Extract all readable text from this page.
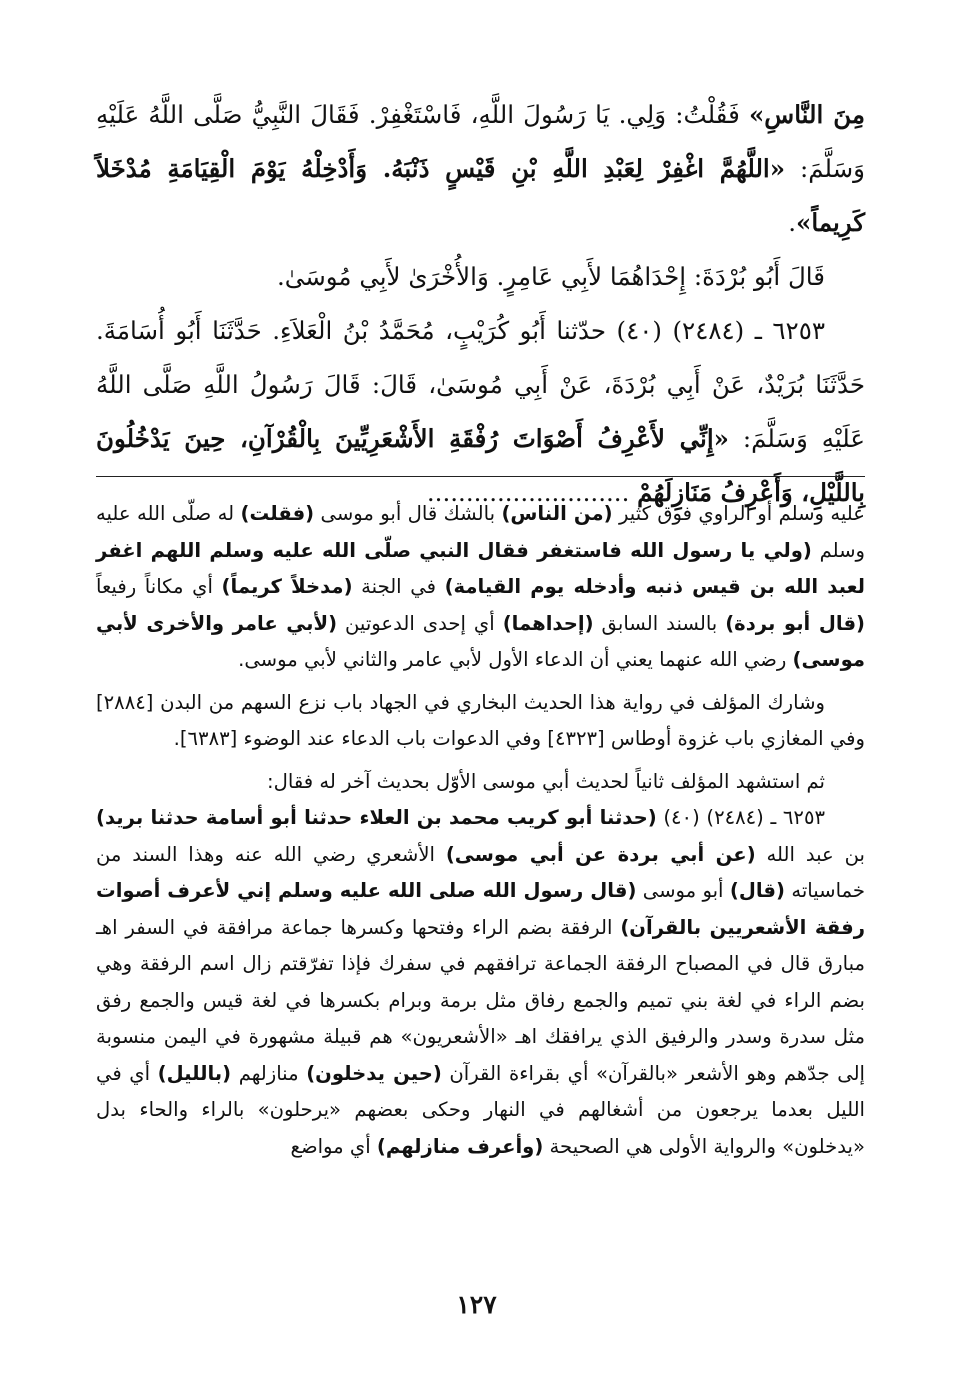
مِنَ النَّاسِ» فَقُلْتُ: وَلِي. يَا رَسُولَ اللَّهِ، فَاسْتَغْفِرْ. فَقَالَ النَّبِيُّ صَلَّى اللَّهُ عَلَيْهِ وَسَلَّمَ: «اللَّهُمَّ اغْفِرْ لِعَبْدِ اللَّهِ بْنِ قَيْسٍ ذَنْبَهُ. وَأَدْخِلْهُ يَوْمَ الْقِيَامَةِ مُدْخَلاً كَرِيماً».

قَالَ أَبُو بُرْدَةَ: إِحْدَاهُمَا لأَبِي عَامِرٍ. وَالأُخْرَىٰ لأَبِي مُوسَىٰ.

٦٢٥٣ ـ (٢٤٨٤) (٤٠) حدّثنا أَبُو كُرَيْبٍ، مُحَمَّدُ بْنُ الْعَلاَءِ. حَدَّثَنَا أَبُو أُسَامَةَ. حَدَّثَنَا بُرَيْدٌ، عَنْ أَبِي بُرْدَةَ، عَنْ أَبِي مُوسَىٰ، قَالَ: قَالَ رَسُولُ اللَّهِ صَلَّى اللَّهُ عَلَيْهِ وَسَلَّمَ: «إِنِّي لأَعْرِفُ أَصْوَاتَ رُفْقَةِ الأَشْعَرِيِّينَ بِالْقُرْآنِ، حِينَ يَدْخُلُونَ بِاللَّيْلِ، وَأَعْرِفُ مَنَازِلَهُمْ ..........................

عليه وسلم أو الراوي فوق كثير (من الناس) بالشك قال أبو موسى (فقلت) له صلّى الله عليه وسلم (ولي يا رسول الله فاستغفر فقال النبي صلّى الله عليه وسلم اللهم اغفر لعبد الله بن قيس ذنبه وأدخله يوم القيامة) في الجنة (مدخلاً كريماً) أي مكاناً رفيعاً (قال أبو بردة) بالسند السابق (إحداهما) أي إحدى الدعوتين (لأبي عامر والأخرى لأبي موسى) رضي الله عنهما يعني أن الدعاء الأول لأبي عامر والثاني لأبي موسى.

وشارك المؤلف في رواية هذا الحديث البخاري في الجهاد باب نزع السهم من البدن [٢٨٨٤] وفي المغازي باب غزوة أوطاس [٤٣٢٣] وفي الدعوات باب الدعاء عند الوضوء [٦٣٨٣].

ثم استشهد المؤلف ثانياً لحديث أبي موسى الأوّل بحديث آخر له فقال:

٦٢٥٣ ـ (٢٤٨٤) (٤٠) (حدثنا أبو كريب محمد بن العلاء حدثنا أبو أسامة حدثنا بريد) بن عبد الله (عن أبي بردة عن أبي موسى) الأشعري رضي الله عنه وهذا السند من خماسياته (قال) أبو موسى (قال رسول الله صلى الله عليه وسلم إني لأعرف أصوات رفقة الأشعريين بالقرآن) الرفقة بضم الراء وفتحها وكسرها جماعة مرافقة في السفر اهـ مبارق قال في المصباح الرفقة الجماعة ترافقهم في سفرك فإذا تفرّقتم زال اسم الرفقة وهي بضم الراء في لغة بني تميم والجمع رفاق مثل برمة وبرام بكسرها في لغة قيس والجمع رفق مثل سدرة وسدر والرفيق الذي يرافقك اهـ «الأشعريون» هم قبيلة مشهورة في اليمن منسوبة إلى جدّهم وهو الأشعر «بالقرآن» أي بقراءة القرآن (حين يدخلون) منازلهم (بالليل) أي في الليل بعدما يرجعون من أشغالهم في النهار وحكى بعضهم «يرحلون» بالراء والحاء بدل «يدخلون» والرواية الأولى هي الصحيحة (وأعرف منازلهم) أي مواضع

١٢٧
